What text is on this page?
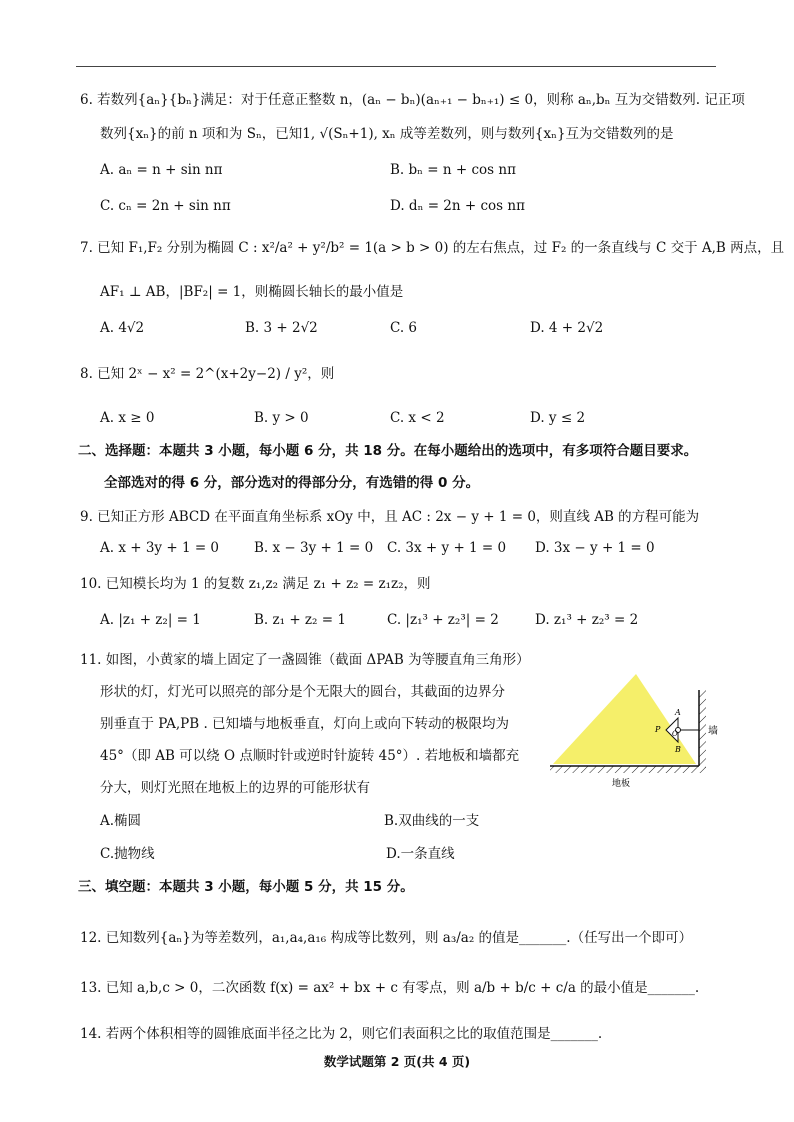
6. 若数列{aₙ}{bₙ}满足：对于任意正整数 n，(aₙ − bₙ)(aₙ₊₁ − bₙ₊₁) ≤ 0，则称 aₙ,bₙ 互为交错数列. 记正项
数列{xₙ}的前 n 项和为 Sₙ，已知1, √(Sₙ+1), xₙ 成等差数列，则与数列{xₙ}互为交错数列的是
A. aₙ = n + sin nπ	B. bₙ = n + cos nπ
C. cₙ = 2n + sin nπ	D. dₙ = 2n + cos nπ
7. 已知 F₁,F₂ 分别为椭圆 C : x²/a² + y²/b² = 1(a > b > 0) 的左右焦点，过 F₂ 的一条直线与 C 交于 A,B 两点，且
AF₁ ⊥ AB，|BF₂| = 1，则椭圆长轴长的最小值是
A. 4√2	B. 3 + 2√2	C. 6	D. 4 + 2√2
8. 已知 2ˣ − x² = 2^(x+2y−2) / y²，则
A. x ≥ 0	B. y > 0	C. x < 2	D. y ≤ 2
二、选择题：本题共 3 小题，每小题 6 分，共 18 分。在每小题给出的选项中，有多项符合题目要求。
全部选对的得 6 分，部分选对的得部分分，有选错的得 0 分。
9. 已知正方形 ABCD 在平面直角坐标系 xOy 中，且 AC : 2x − y + 1 = 0，则直线 AB 的方程可能为
A. x + 3y + 1 = 0	B. x − 3y + 1 = 0 C. 3x + y + 1 = 0 D. 3x − y + 1 = 0
10. 已知模长均为 1 的复数 z₁,z₂ 满足 z₁ + z₂ = z₁z₂，则
A. |z₁ + z₂| = 1	B. z₁ + z₂ = 1	C. |z₁³ + z₂³| = 2	D. z₁³ + z₂³ = 2
11. 如图，小黄家的墙上固定了一盏圆锥（截面 ΔPAB 为等腰直角三角形）
形状的灯，灯光可以照亮的部分是个无限大的圆台，其截面的边界分
别垂直于 PA,PB . 已知墙与地板垂直，灯向上或向下转动的极限均为
45°（即 AB 可以绕 O 点顺时针或逆时针旋转 45°）. 若地板和墙都充
分大，则灯光照在地板上的边界的可能形状有
A.椭圆	B.双曲线的一支
C.抛物线	D.一条直线
A
P O
B
墙
地板
三、填空题：本题共 3 小题，每小题 5 分，共 15 分。
12. 已知数列{aₙ}为等差数列，a₁,a₄,a₁₆ 构成等比数列，则 a₃/a₂ 的值是_______.（任写出一个即可）
13. 已知 a,b,c > 0，二次函数 f(x) = ax² + bx + c 有零点，则 a/b + b/c + c/a 的最小值是_______.
14. 若两个体积相等的圆锥底面半径之比为 2，则它们表面积之比的取值范围是_______.
数学试题第 2 页(共 4 页)
